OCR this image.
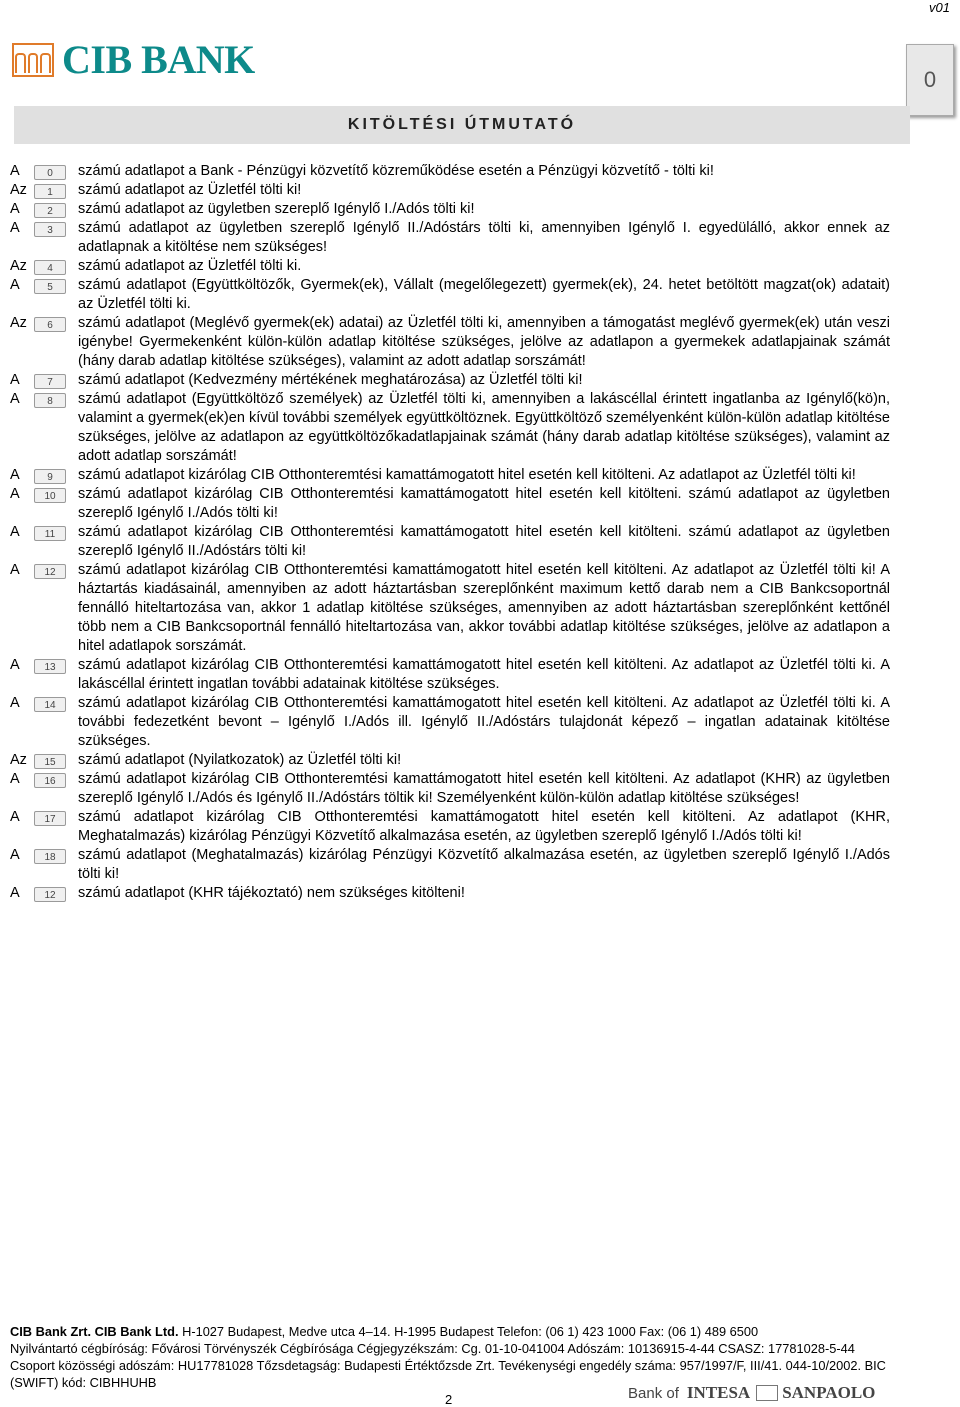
v01
CIB BANK	0
KITÖLTÉSI ÚTMUTATÓ
A	0	számú adatlapot a Bank - Pénzügyi közvetítő közreműködése esetén a Pénzügyi közvetítő - tölti ki!
Az	1	számú adatlapot az Üzletfél tölti ki!
A	2	számú adatlapot az ügyletben szereplő Igénylő I./Adós tölti ki!
A	3	számú adatlapot az ügyletben szereplő Igénylő II./Adóstárs tölti ki, amennyiben Igénylő I. egyedülálló, akkor ennek az adatlapnak a kitöltése nem szükséges!
Az	4	számú adatlapot az Üzletfél tölti ki.
A	5	számú adatlapot (Együttköltözők, Gyermek(ek), Vállalt (megelőlegezett) gyermek(ek), 24. hetet betöltött magzat(ok) adatait) az Üzletfél tölti ki.
Az	6	számú adatlapot (Meglévő gyermek(ek) adatai) az Üzletfél tölti ki, amennyiben a támogatást meglévő gyermek(ek) után veszi igénybe! Gyermekenként külön-külön adatlap kitöltése szükséges, jelölve az adatlapon a gyermekek adatlapjainak számát (hány darab adatlap kitöltése szükséges), valamint az adott adatlap sorszámát!
A	7	számú adatlapot (Kedvezmény mértékének meghatározása) az Üzletfél tölti ki!
A	8	számú adatlapot (Együttköltöző személyek) az Üzletfél tölti ki, amennyiben a lakáscéllal érintett ingatlanba az Igénylő(kö)n, valamint a gyermek(ek)en kívül további személyek együttköltöznek. Együttköltöző személyenként külön-külön adatlap kitöltése szükséges, jelölve az adatlapon az együttköltözőkadatlapjainak számát (hány darab adatlap kitöltése szükséges), valamint az adott adatlap sorszámát!
A	9	számú adatlapot kizárólag CIB Otthonteremtési kamattámogatott hitel esetén kell kitölteni. Az adatlapot az Üzletfél tölti ki!
A	10	számú adatlapot kizárólag CIB Otthonteremtési kamattámogatott hitel esetén kell kitölteni. számú adatlapot az ügyletben szereplő Igénylő I./Adós tölti ki!
A	11	számú adatlapot kizárólag CIB Otthonteremtési kamattámogatott hitel esetén kell kitölteni. számú adatlapot az ügyletben szereplő Igénylő II./Adóstárs tölti ki!
A	12	számú adatlapot kizárólag CIB Otthonteremtési kamattámogatott hitel esetén kell kitölteni. Az adatlapot az Üzletfél tölti ki! A háztartás kiadásainál, amennyiben az adott háztartásban szereplőnként maximum kettő darab nem a CIB Bankcsoportnál fennálló hiteltartozása van, akkor 1 adatlap kitöltése szükséges, amennyiben az adott háztartásban szereplőnként kettőnél több nem a CIB Bankcsoportnál fennálló hiteltartozása van, akkor további adatlap kitöltése szükséges, jelölve az adatlapon a hitel adatlapok sorszámát.
A	13	számú adatlapot kizárólag CIB Otthonteremtési kamattámogatott hitel esetén kell kitölteni. Az adatlapot az Üzletfél tölti ki. A lakáscéllal érintett ingatlan további adatainak kitöltése szükséges.
A	14	számú adatlapot kizárólag CIB Otthonteremtési kamattámogatott hitel esetén kell kitölteni. Az adatlapot az Üzletfél tölti ki. A további fedezetként bevont – Igénylő I./Adós ill. Igénylő II./Adóstárs tulajdonát képező – ingatlan adatainak kitöltése szükséges.
Az	15	számú adatlapot (Nyilatkozatok) az Üzletfél tölti ki!
A	16	számú adatlapot kizárólag CIB Otthonteremtési kamattámogatott hitel esetén kell kitölteni. Az adatlapot (KHR) az ügyletben szereplő Igénylő I./Adós és Igénylő II./Adóstárs töltik ki! Személyenként külön-külön adatlap kitöltése szükséges!
A	17	számú adatlapot kizárólag CIB Otthonteremtési kamattámogatott hitel esetén kell kitölteni. Az adatlapot (KHR, Meghatalmazás) kizárólag Pénzügyi Közvetítő alkalmazása esetén, az ügyletben szereplő Igénylő I./Adós tölti ki!
A	18	számú adatlapot (Meghatalmazás) kizárólag Pénzügyi Közvetítő alkalmazása esetén, az ügyletben szereplő Igénylő I./Adós tölti ki!
A	12	számú adatlapot (KHR tájékoztató) nem szükséges kitölteni!
CIB Bank Zrt. CIB Bank Ltd. H-1027 Budapest, Medve utca 4–14. H-1995 Budapest Telefon: (06 1) 423 1000 Fax: (06 1) 489 6500
Nyilvántartó cégbíróság: Fővárosi Törvényszék Cégbírósága Cégjegyzékszám: Cg. 01-10-041004 Adószám: 10136915-4-44 CSASZ: 17781028-5-44 Csoport közösségi adószám: HU17781028 Tőzsdetagság: Budapesti Értéktőzsde Zrt. Tevékenységi engedély száma: 957/1997/F, III/41. 044-10/2002. BIC (SWIFT) kód: CIBHHUHB
2	Bank of INTESA SANPAOLO
